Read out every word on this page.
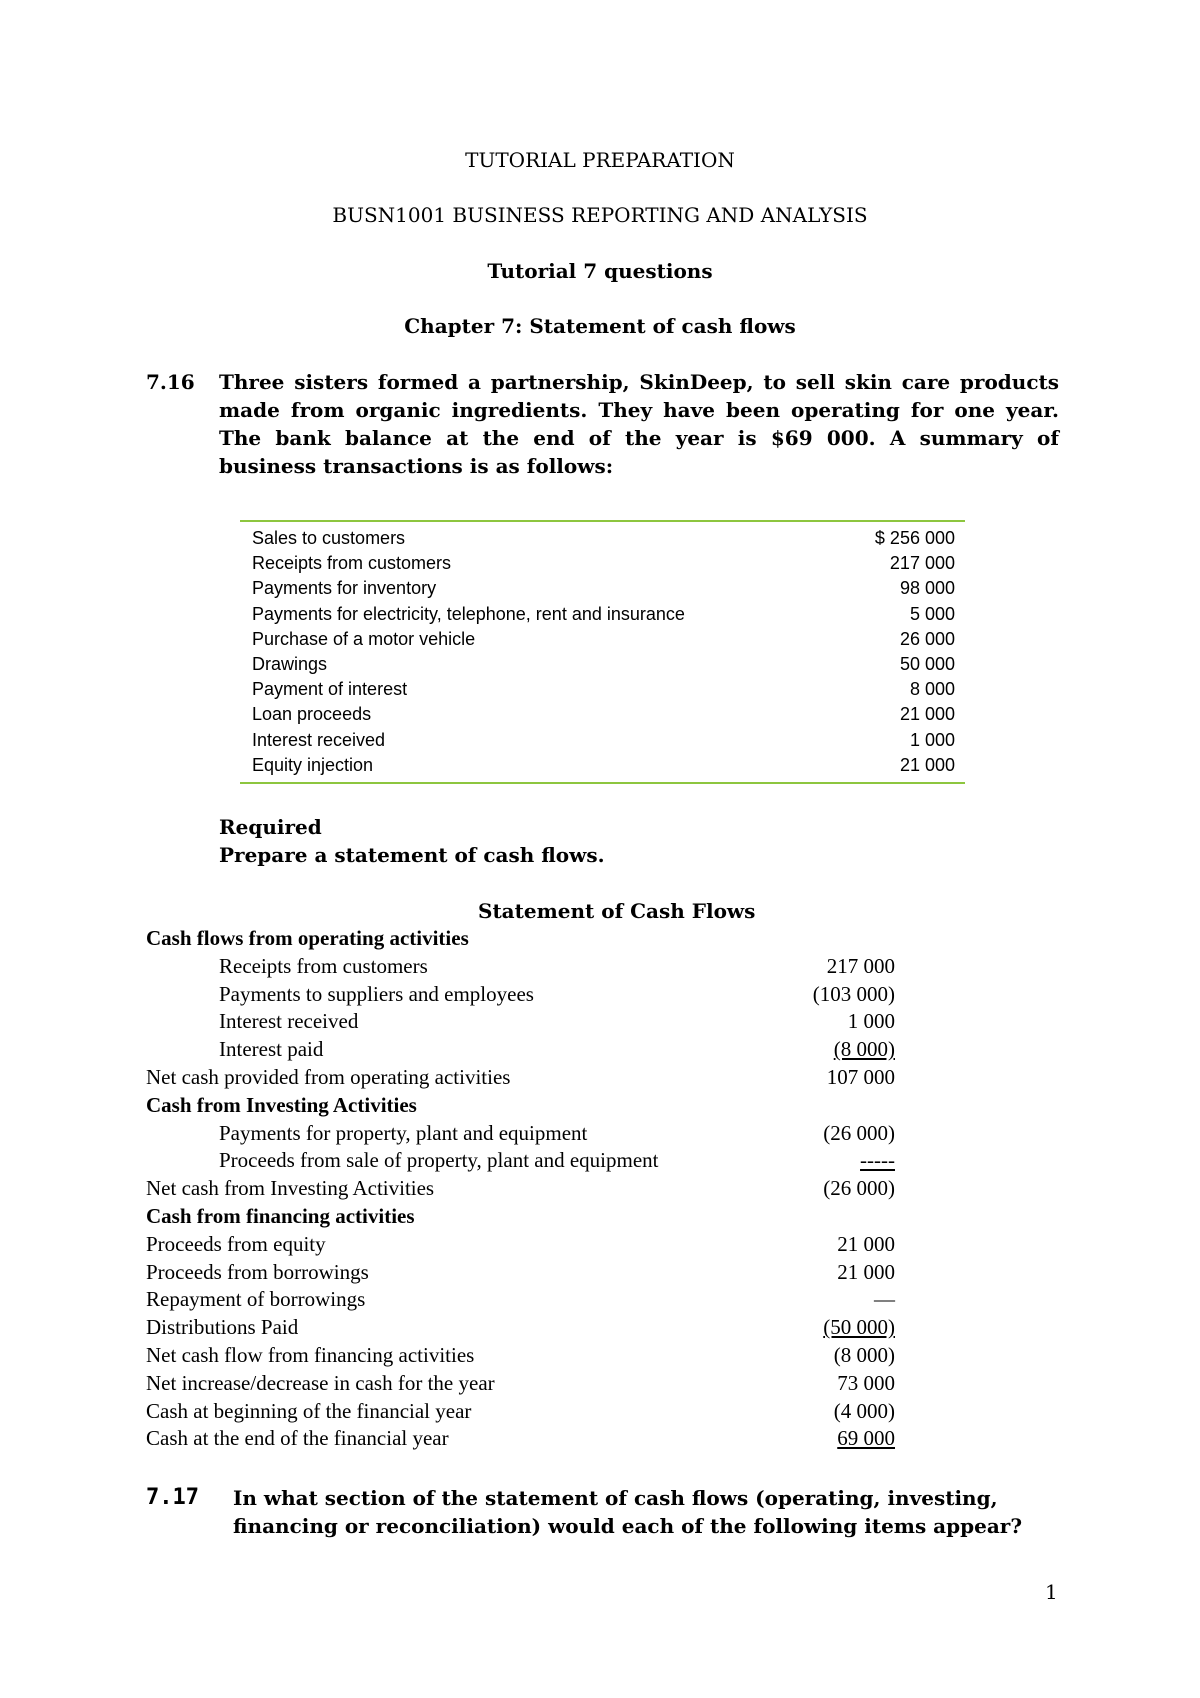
TUTORIAL PREPARATION
BUSN1001 BUSINESS REPORTING AND ANALYSIS
Tutorial 7 questions
Chapter 7: Statement of cash flows
7.16 Three sisters formed a partnership, SkinDeep, to sell skin care products made from organic ingredients. They have been operating for one year. The bank balance at the end of the year is $69 000. A summary of business transactions is as follows:
Sales to customers	$ 256 000
Receipts from customers	217 000
Payments for inventory	98 000
Payments for electricity, telephone, rent and insurance	5 000
Purchase of a motor vehicle	26 000
Drawings	50 000
Payment of interest	8 000
Loan proceeds	21 000
Interest received	1 000
Equity injection	21 000
Required
Prepare a statement of cash flows.
Statement of Cash Flows
Cash flows from operating activities
Receipts from customers	217 000
Payments to suppliers and employees	(103 000)
Interest received	1 000
Interest paid	(8 000)
Net cash provided from operating activities	107 000
Cash from Investing Activities
Payments for property, plant and equipment	(26 000)
Proceeds from sale of property, plant and equipment	-----
Net cash from Investing Activities	(26 000)
Cash from financing activities
Proceeds from equity	21 000
Proceeds from borrowings	21 000
Repayment of borrowings	—
Distributions Paid	(50 000)
Net cash flow from financing activities	(8 000)
Net increase/decrease in cash for the year	73 000
Cash at beginning of the financial year	(4 000)
Cash at the end of the financial year	69 000
7.17 In what section of the statement of cash flows (operating, investing, financing or reconciliation) would each of the following items appear?
1
